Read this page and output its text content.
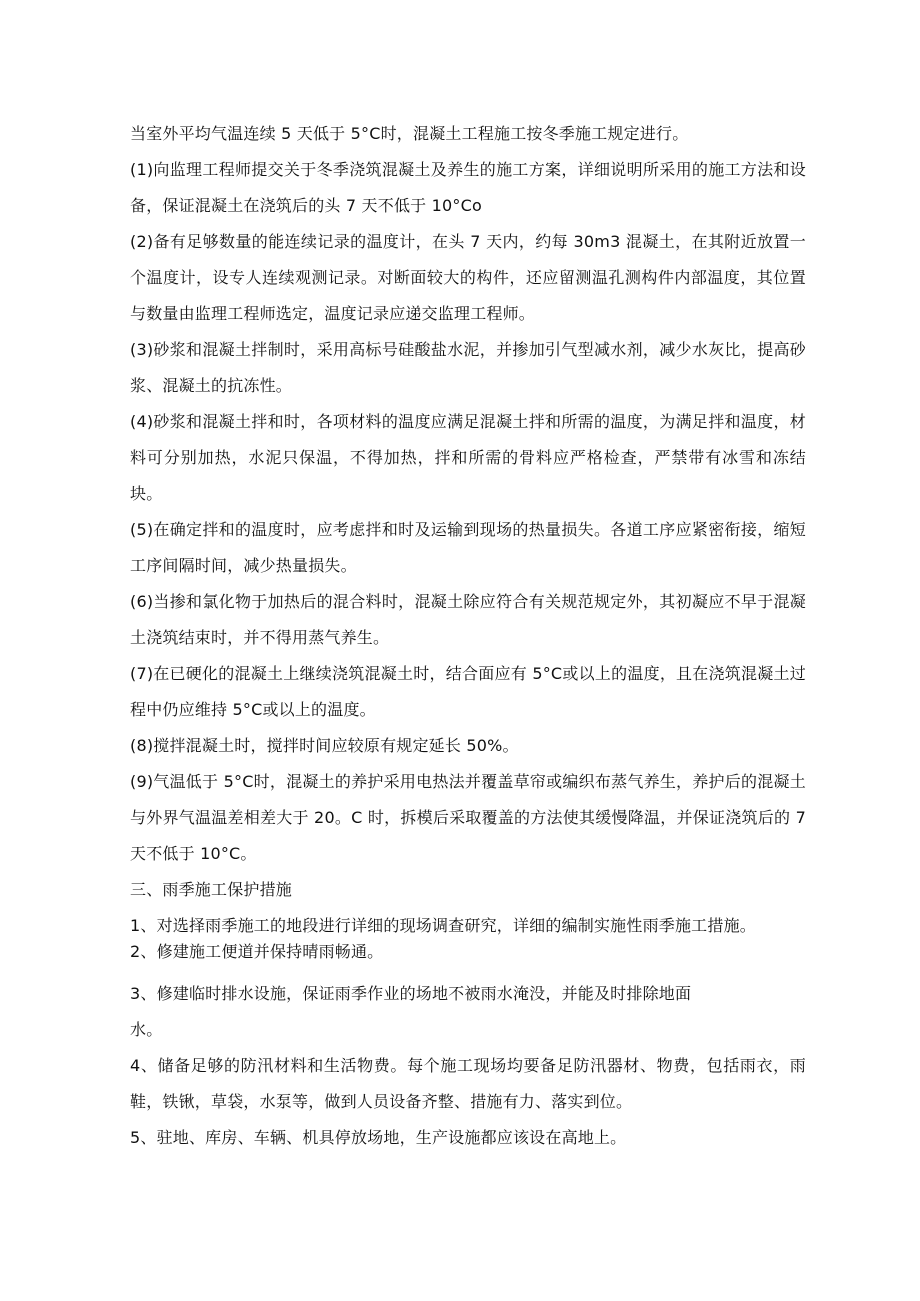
当室外平均气温连续 5 天低于 5°C时，混凝土工程施工按冬季施工规定进行。

(1)向监理工程师提交关于冬季浇筑混凝土及养生的施工方案，详细说明所采用的施工方法和设备，保证混凝土在浇筑后的头 7 天不低于 10°Co

(2)备有足够数量的能连续记录的温度计，在头 7 天内，约每 30m3 混凝土，在其附近放置一个温度计，设专人连续观测记录。对断面较大的构件，还应留测温孔测构件内部温度，其位置与数量由监理工程师选定，温度记录应递交监理工程师。

(3)砂浆和混凝土拌制时，采用高标号硅酸盐水泥，并掺加引气型减水剂，减少水灰比，提高砂浆、混凝土的抗冻性。

(4)砂浆和混凝土拌和时，各项材料的温度应满足混凝土拌和所需的温度，为满足拌和温度，材料可分别加热，水泥只保温，不得加热，拌和所需的骨料应严格检查，严禁带有冰雪和冻结块。

(5)在确定拌和的温度时，应考虑拌和时及运输到现场的热量损失。各道工序应紧密衔接，缩短工序间隔时间，减少热量损失。

(6)当掺和氯化物于加热后的混合料时，混凝土除应符合有关规范规定外，其初凝应不早于混凝土浇筑结束时，并不得用蒸气养生。

(7)在已硬化的混凝土上继续浇筑混凝土时，结合面应有 5°C或以上的温度，且在浇筑混凝土过程中仍应维持 5°C或以上的温度。

(8)搅拌混凝土时，搅拌时间应较原有规定延长 50%。

(9)气温低于 5°C时，混凝土的养护采用电热法并覆盖草帘或编织布蒸气养生，养护后的混凝土与外界气温温差相差大于 20。C 时，拆模后采取覆盖的方法使其缓慢降温，并保证浇筑后的 7 天不低于 10°C。

三、雨季施工保护措施

1、对选择雨季施工的地段进行详细的现场调查研究，详细的编制实施性雨季施工措施。

2、修建施工便道并保持晴雨畅通。

3、修建临时排水设施，保证雨季作业的场地不被雨水淹没，并能及时排除地面

水。

4、储备足够的防汛材料和生活物费。每个施工现场均要备足防汛器材、物费，包括雨衣，雨鞋，铁锹，草袋，水泵等，做到人员设备齐整、措施有力、落实到位。

5、驻地、库房、车辆、机具停放场地，生产设施都应该设在高地上。
